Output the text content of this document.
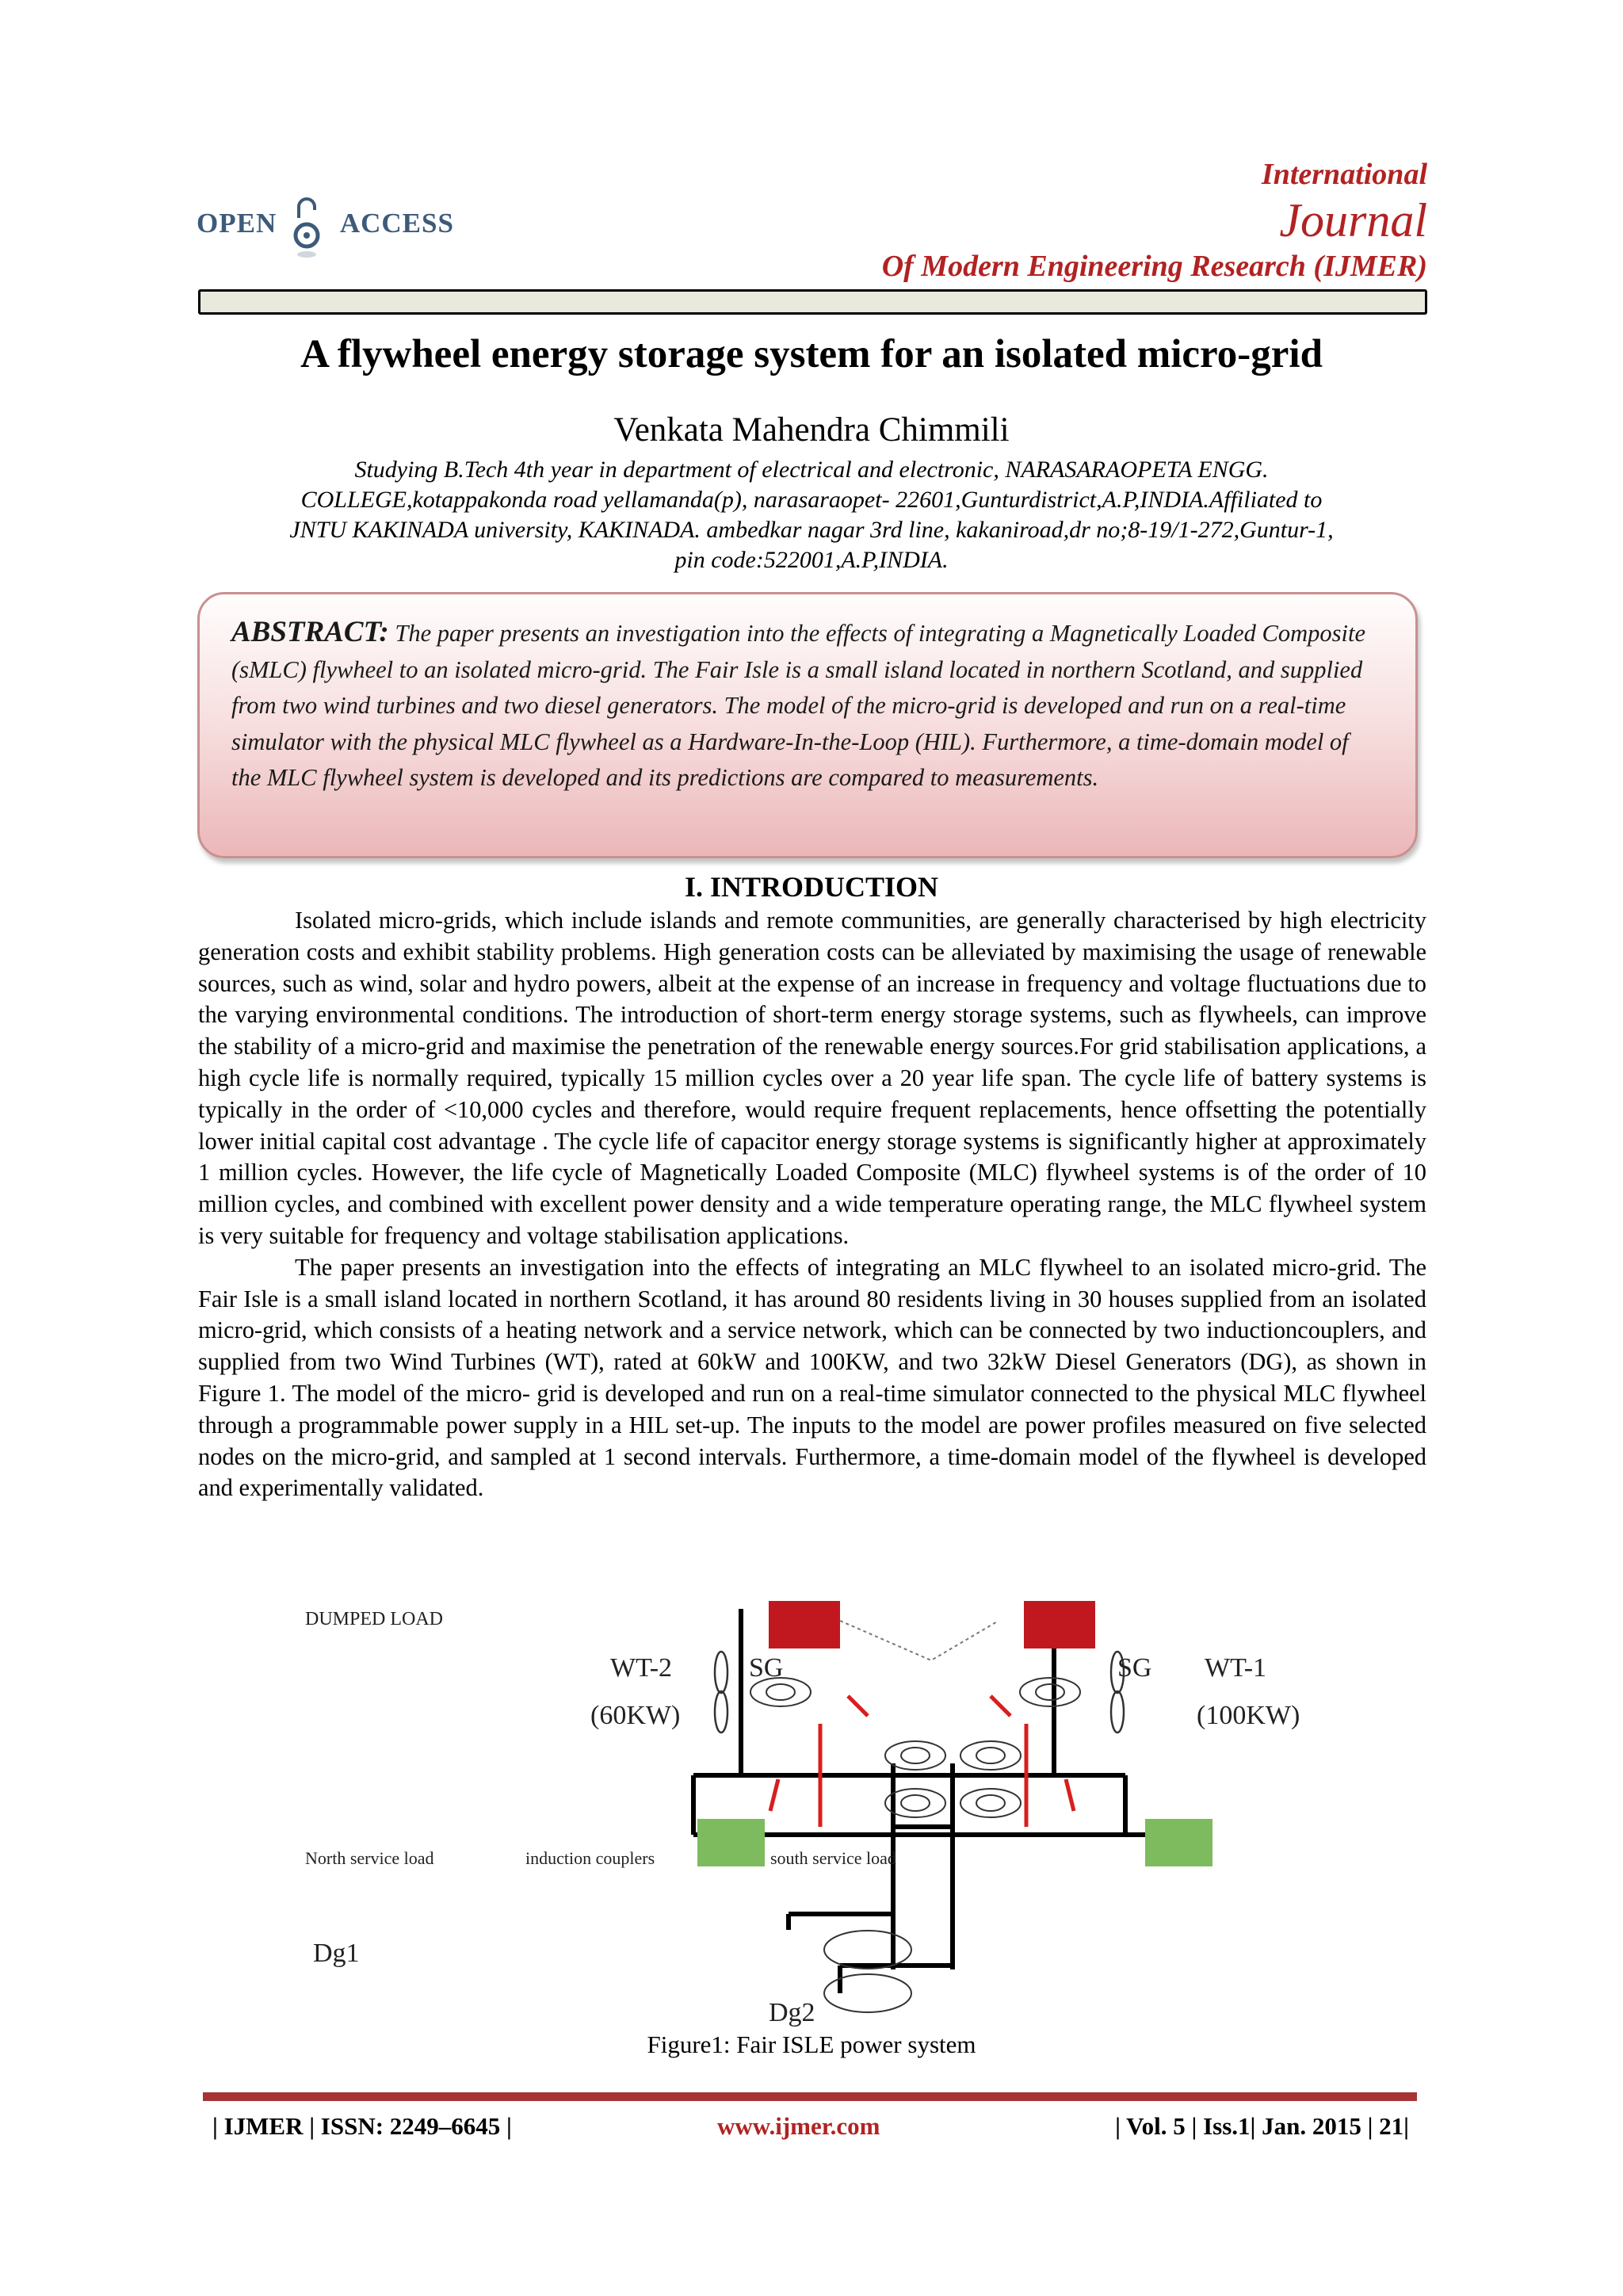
OPEN ACCESS
International
Journal
Of Modern Engineering Research (IJMER)
A flywheel energy storage system for an isolated micro-grid
Venkata Mahendra Chimmili
Studying B.Tech 4th year in department of electrical and electronic, NARASARAOPETA ENGG.
COLLEGE,kotappakonda road yellamanda(p), narasaraopet- 22601,Gunturdistrict,A.P,INDIA.Affiliated to
JNTU KAKINADA university, KAKINADA. ambedkar nagar 3rd line, kakaniroad,dr no;8-19/1-272,Guntur-1,
pin code:522001,A.P,INDIA.

ABSTRACT: The paper presents an investigation into the effects of integrating a Magnetically Loaded Composite (sMLC) flywheel to an isolated micro-grid. The Fair Isle is a small island located in northern Scotland, and supplied from two wind turbines and two diesel generators. The model of the micro-grid is developed and run on a real-time simulator with the physical MLC flywheel as a Hardware-In-the-Loop (HIL). Furthermore, a time-domain model of the MLC flywheel system is developed and its predictions are compared to measurements.

I. INTRODUCTION

Isolated micro-grids, which include islands and remote communities, are generally characterised by high electricity generation costs and exhibit stability problems. High generation costs can be alleviated by maximising the usage of renewable sources, such as wind, solar and hydro powers, albeit at the expense of an increase in frequency and voltage fluctuations due to the varying environmental conditions. The introduction of short-term energy storage systems, such as flywheels, can improve the stability of a micro-grid and maximise the penetration of the renewable energy sources.For grid stabilisation applications, a high cycle life is normally required, typically 15 million cycles over a 20 year life span. The cycle life of battery systems is typically in the order of <10,000 cycles and therefore, would require frequent replacements, hence offsetting the potentially lower initial capital cost advantage . The cycle life of capacitor energy storage systems is significantly higher at approximately 1 million cycles. However, the life cycle of Magnetically Loaded Composite (MLC) flywheel systems is of the order of 10 million cycles, and combined with excellent power density and a wide temperature operating range, the MLC flywheel system is very suitable for frequency and voltage stabilisation applications.

The paper presents an investigation into the effects of integrating an MLC flywheel to an isolated micro-grid. The Fair Isle is a small island located in northern Scotland, it has around 80 residents living in 30 houses supplied from an isolated micro-grid, which consists of a heating network and a service network, which can be connected by two inductioncouplers, and supplied from two Wind Turbines (WT), rated at 60kW and 100KW, and two 32kW Diesel Generators (DG), as shown in Figure 1. The model of the micro- grid is developed and run on a real-time simulator connected to the physical MLC flywheel through a programmable power supply in a HIL set-up. The inputs to the model are power profiles measured on five selected nodes on the micro-grid, and sampled at 1 second intervals. Furthermore, a time-domain model of the flywheel is developed and experimentally validated.

DUMPED LOAD
WT-2
(60KW)
SG	SG WT-1
(100KW)
North service load	induction couplers	south service load
Dg1
Dg2
Figure1: Fair ISLE power system
| IJMER | ISSN: 2249–6645 |	www.ijmer.com	| Vol. 5 | Iss.1| Jan. 2015 | 21|
